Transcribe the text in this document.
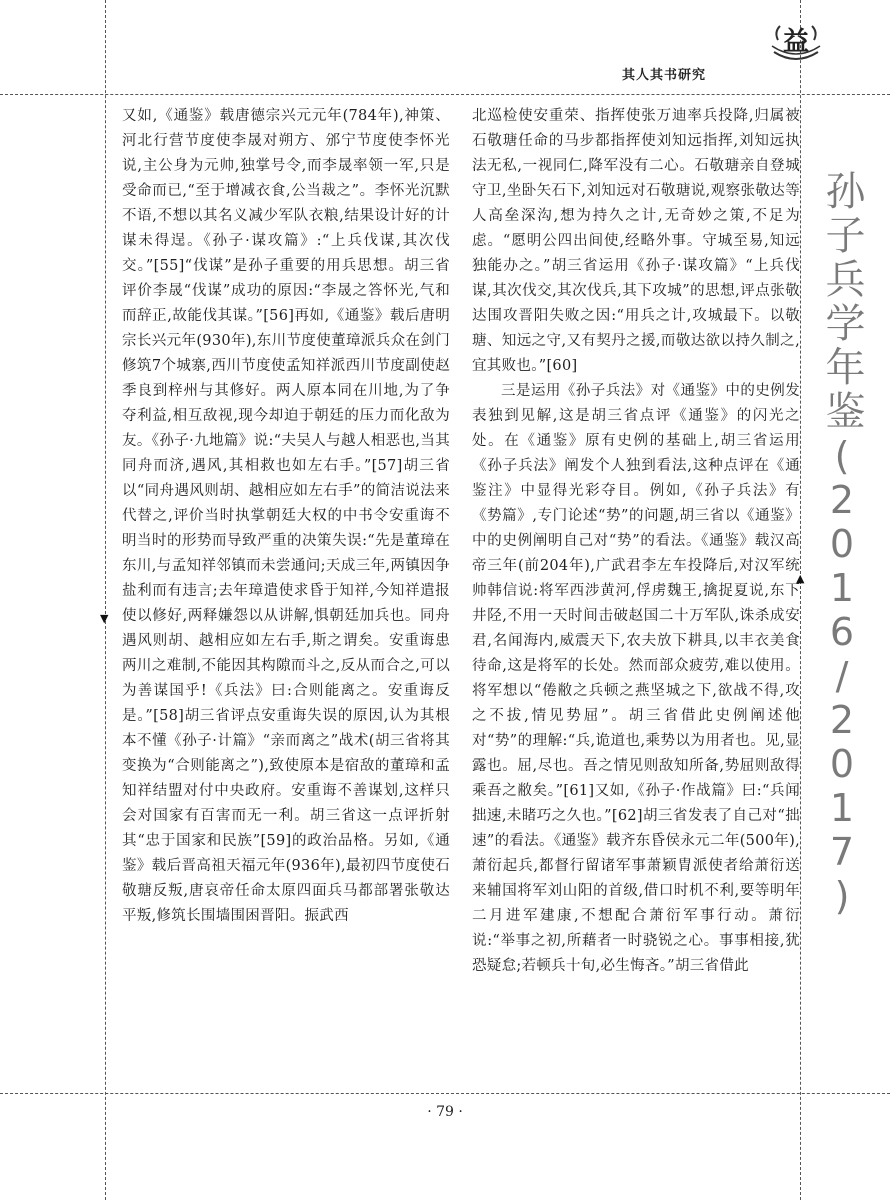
益
其人其书研究
孙子兵学年鉴(2016/2017)
▼
▲

又如,《通鉴》载唐德宗兴元元年(784年),神策、河北行营节度使李晟对朔方、邠宁节度使李怀光说,主公身为元帅,独掌号令,而李晟率领一军,只是受命而已,“至于增减衣食,公当裁之”。李怀光沉默不语,不想以其名义减少军队衣粮,结果设计好的计谋未得逞。《孙子·谋攻篇》:“上兵伐谋,其次伐交。”[55]“伐谋”是孙子重要的用兵思想。胡三省评价李晟“伐谋”成功的原因:“李晟之答怀光,气和而辞正,故能伐其谋。”[56]再如,《通鉴》载后唐明宗长兴元年(930年),东川节度使董璋派兵众在剑门修筑7个城寨,西川节度使孟知祥派西川节度副使赵季良到梓州与其修好。两人原本同在川地,为了争夺利益,相互敌视,现今却迫于朝廷的压力而化敌为友。《孙子·九地篇》说:“夫吴人与越人相恶也,当其同舟而济,遇风,其相救也如左右手。”[57]胡三省以“同舟遇风则胡、越相应如左右手”的简洁说法来代替之,评价当时执掌朝廷大权的中书令安重诲不明当时的形势而导致严重的决策失误:“先是董璋在东川,与孟知祥邻镇而未尝通问;天成三年,两镇因争盐利而有违言;去年璋遣使求昏于知祥,今知祥遣报使以修好,两释嫌怨以从讲解,惧朝廷加兵也。同舟遇风则胡、越相应如左右手,斯之谓矣。安重诲患两川之难制,不能因其构隙而斗之,反从而合之,可以为善谋国乎!《兵法》曰:合则能离之。安重诲反是。”[58]胡三省评点安重诲失误的原因,认为其根本不懂《孙子·计篇》“亲而离之”战术(胡三省将其变换为“合则能离之”),致使原本是宿敌的董璋和孟知祥结盟对付中央政府。安重诲不善谋划,这样只会对国家有百害而无一利。胡三省这一点评折射其“忠于国家和民族”[59]的政治品格。另如,《通鉴》载后晋高祖天福元年(936年),最初四节度使石敬瑭反叛,唐哀帝任命太原四面兵马都部署张敬达平叛,修筑长围墙围困晋阳。振武西

北巡检使安重荣、指挥使张万迪率兵投降,归属被石敬瑭任命的马步都指挥使刘知远指挥,刘知远执法无私,一视同仁,降军没有二心。石敬瑭亲自登城守卫,坐卧矢石下,刘知远对石敬瑭说,观察张敬达等人高垒深沟,想为持久之计,无奇妙之策,不足为虑。“愿明公四出间使,经略外事。守城至易,知远独能办之。”胡三省运用《孙子·谋攻篇》“上兵伐谋,其次伐交,其次伐兵,其下攻城”的思想,评点张敬达围攻晋阳失败之因:“用兵之计,攻城最下。以敬瑭、知远之守,又有契丹之援,而敬达欲以持久制之,宜其败也。”[60]

三是运用《孙子兵法》对《通鉴》中的史例发表独到见解,这是胡三省点评《通鉴》的闪光之处。在《通鉴》原有史例的基础上,胡三省运用《孙子兵法》阐发个人独到看法,这种点评在《通鉴注》中显得光彩夺目。例如,《孙子兵法》有《势篇》,专门论述“势”的问题,胡三省以《通鉴》中的史例阐明自己对“势”的看法。《通鉴》载汉高帝三年(前204年),广武君李左车投降后,对汉军统帅韩信说:将军西涉黄河,俘虏魏王,擒捉夏说,东下井陉,不用一天时间击破赵国二十万军队,诛杀成安君,名闻海内,威震天下,农夫放下耕具,以丰衣美食待命,这是将军的长处。然而部众疲劳,难以使用。将军想以“倦敝之兵顿之燕坚城之下,欲战不得,攻之不拔,情见势屈”。胡三省借此史例阐述他对“势”的理解:“兵,诡道也,乘势以为用者也。见,显露也。屈,尽也。吾之情见则敌知所备,势屈则敌得乘吾之敝矣。”[61]又如,《孙子·作战篇》曰:“兵闻拙速,未睹巧之久也。”[62]胡三省发表了自己对“拙速”的看法。《通鉴》载齐东昏侯永元二年(500年),萧衍起兵,都督行留诸军事萧颖胄派使者给萧衍送来辅国将军刘山阳的首级,借口时机不利,要等明年二月进军建康,不想配合萧衍军事行动。萧衍说:“举事之初,所藉者一时骁锐之心。事事相接,犹恐疑怠;若顿兵十旬,必生悔吝。”胡三省借此

· 79 ·
